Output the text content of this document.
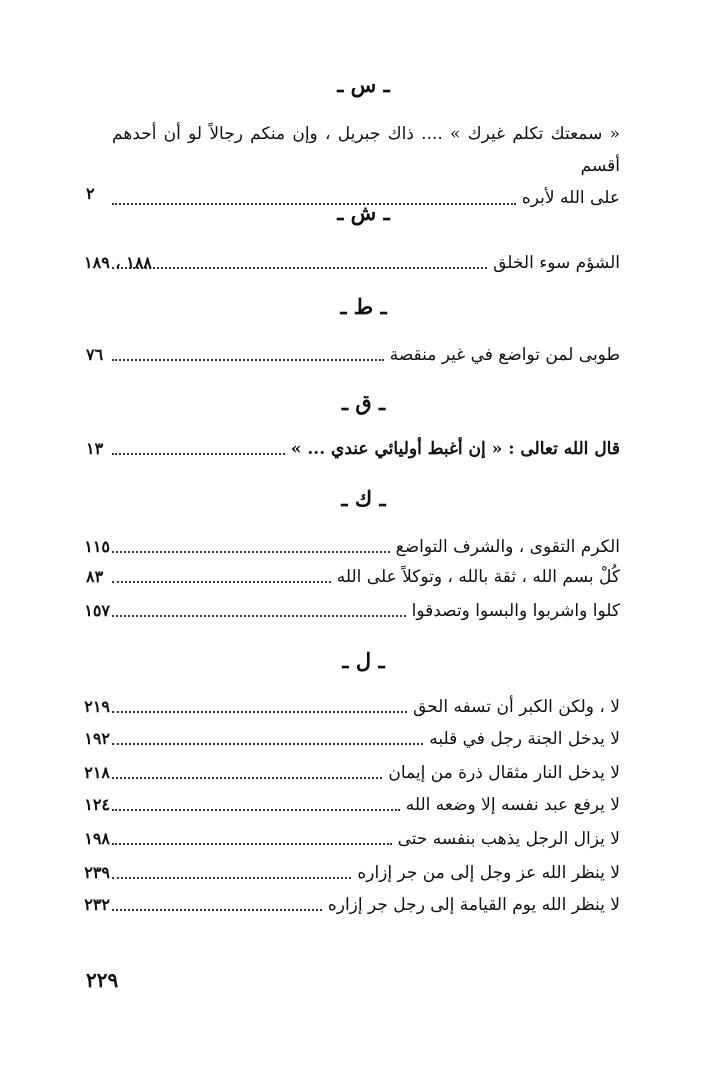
ـ س ـ
« سمعتك تكلم غيرك » .... ذاك جبريل ، وإن منكم رجالاً لو أن أحدهم أقسم
على الله لأبره
٢
ـ ش ـ
الشؤم سوء الخلق
١٨٨ ، ١٨٩
ـ ط ـ
طوبى لمن تواضع في غير منقصة
٧٦
ـ ق ـ
قال الله تعالى : « إن أغبط أوليائي عندي ... »
١٣
ـ ك ـ
الكرم التقوى ، والشرف التواضع
١١٥
كُلْ بسم الله ، ثقة بالله ، وتوكلاً على الله
٨٣
كلوا واشربوا والبسوا وتصدقوا
١٥٧
ـ ل ـ
لا ، ولكن الكبر أن تسفه الحق
٢١٩
لا يدخل الجنة رجل في قلبه
١٩٢
لا يدخل النار مثقال ذرة من إيمان
٢١٨
لا يرفع عبد نفسه إلا وضعه الله
١٢٤
لا يزال الرجل يذهب بنفسه حتى
١٩٨
لا ينظر الله عز وجل إلى من جر إزاره
٢٣٩
لا ينظر الله يوم القيامة إلى رجل جر إزاره
٢٣٢
٢٢٩
